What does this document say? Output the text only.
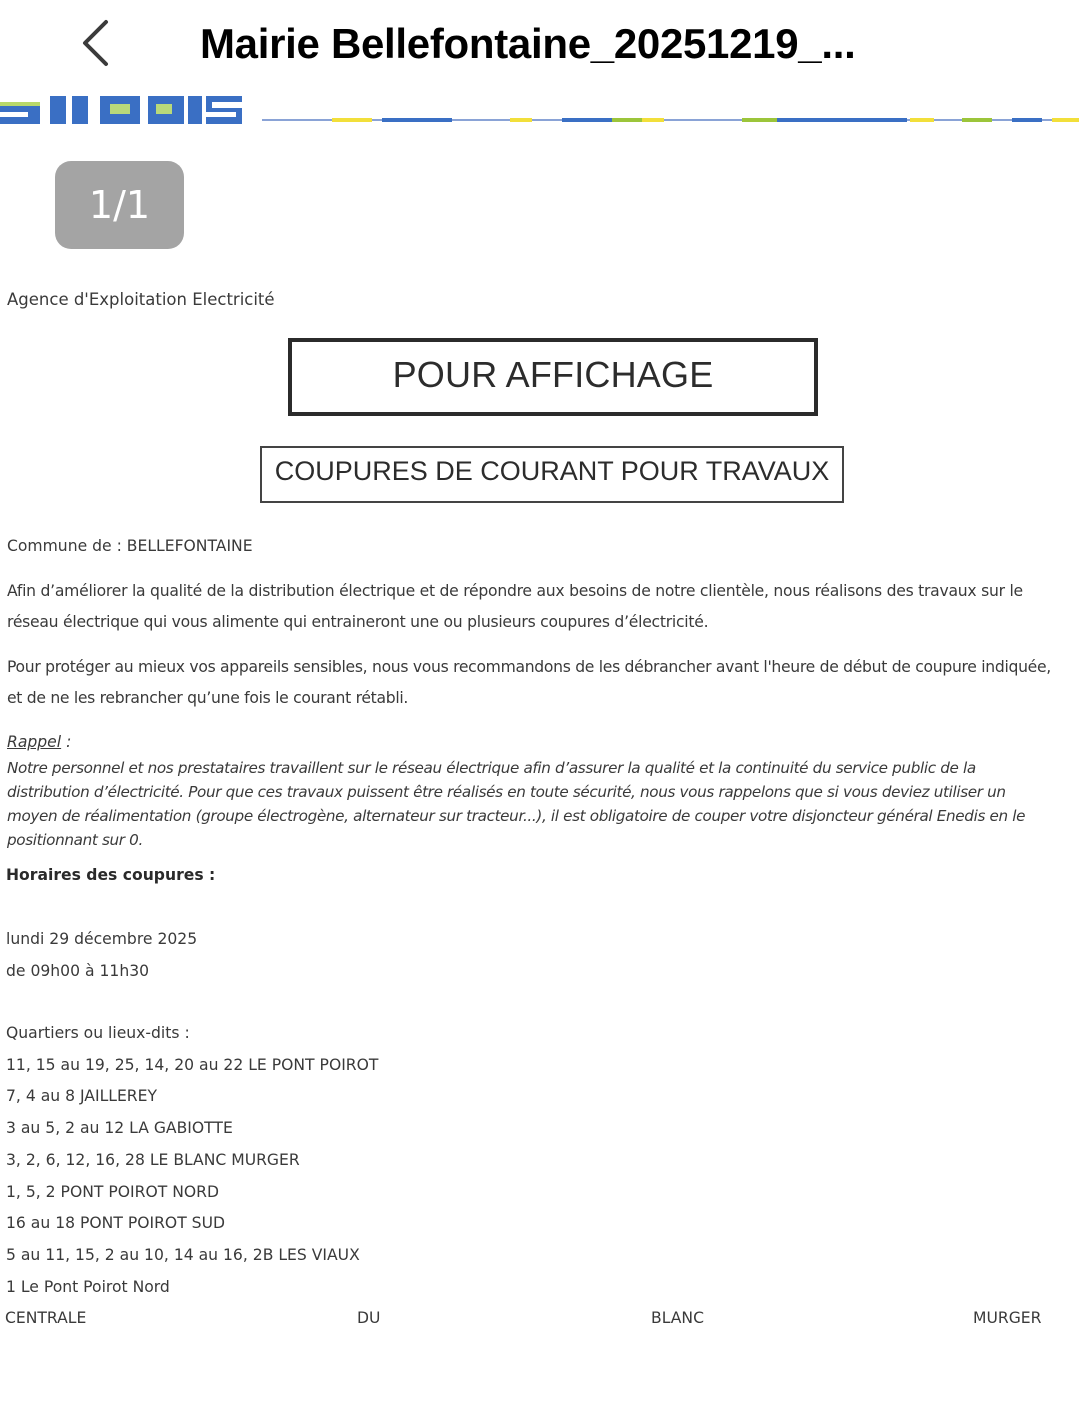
Agence d'Exploitation Electricité
POUR AFFICHAGE
COUPURES DE COURANT POUR TRAVAUX
Commune de : BELLEFONTAINE
Afin d’améliorer la qualité de la distribution électrique et de répondre aux besoins de notre clientèle, nous réalisons des travaux sur le réseau électrique qui vous alimente qui entraineront une ou plusieurs coupures d’électricité.
Pour protéger au mieux vos appareils sensibles, nous vous recommandons de les débrancher avant l'heure de début de coupure indiquée, et de ne les rebrancher qu’une fois le courant rétabli.
Rappel :
Notre personnel et nos prestataires travaillent sur le réseau électrique afin d’assurer la qualité et la continuité du service public de la distribution d’électricité. Pour que ces travaux puissent être réalisés en toute sécurité, nous vous rappelons que si vous deviez utiliser un moyen de réalimentation (groupe électrogène, alternateur sur tracteur...), il est obligatoire de couper votre disjoncteur général Enedis en le positionnant sur 0.
Horaires des coupures :
lundi 29 décembre 2025
de 09h00 à 11h30
Quartiers ou lieux-dits :
11, 15 au 19, 25, 14, 20 au 22 LE PONT POIROT
7, 4 au 8 JAILLEREY
3 au 5, 2 au 12 LA GABIOTTE
3, 2, 6, 12, 16, 28 LE BLANC MURGER
1, 5, 2 PONT POIROT NORD
16 au 18 PONT POIROT SUD
5 au 11, 15, 2 au 10, 14 au 16, 2B LES VIAUX
1 Le Pont Poirot Nord
CENTRALE	DU	BLANC	MURGER
1/1
Mairie Bellefontaine_20251219_...
